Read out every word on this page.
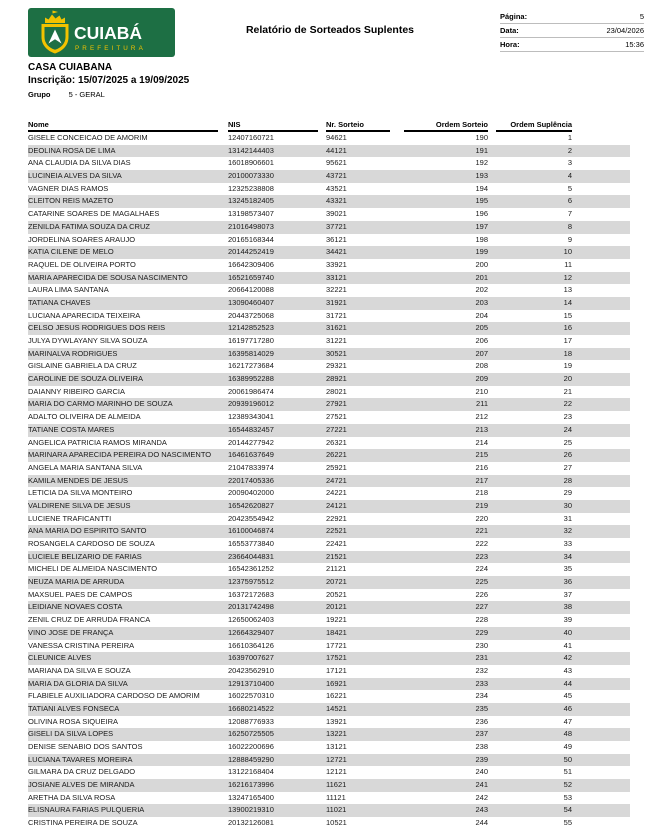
CUIABÁ
PREFEITURA
Relatório de Sorteados Suplentes
Página:	5
Data:	23/04/2026
Hora:	15:36
CASA CUIABANA
Inscrição: 15/07/2025 a 19/09/2025
Grupo 5 - GERAL
Nome	NIS	Nr. Sorteio	Ordem Sorteio	Ordem Suplência	

GISELE CONCEICAO DE AMORIM	12407160721	94621	190	1	
DEOLINA ROSA DE LIMA	13142144403	44121	191	2	
ANA CLAUDIA DA SILVA DIAS	16018906601	95621	192	3	
LUCINEIA ALVES DA SILVA	20100073330	43721	193	4	
VAGNER DIAS RAMOS	12325238808	43521	194	5	
CLEITON REIS MAZETO	13245182405	43321	195	6	
CATARINE SOARES DE MAGALHAES	13198573407	39021	196	7	
ZENILDA FATIMA SOUZA DA CRUZ	21016498073	37721	197	8	
JORDELINA SOARES ARAUJO	20165168344	36121	198	9	
KATIA CILENE DE MELO	20144252419	34421	199	10	
RAQUEL DE OLIVEIRA PORTO	16642309406	33921	200	11	
MARIA APARECIDA DE SOUSA NASCIMENTO	16521659740	33121	201	12	
LAURA LIMA SANTANA	20664120088	32221	202	13	
TATIANA CHAVES	13090460407	31921	203	14	
LUCIANA APARECIDA TEIXEIRA	20443725068	31721	204	15	
CELSO JESUS RODRIGUES DOS REIS	12142852523	31621	205	16	
JULYA DYWLAYANY SILVA SOUZA	16197717280	31221	206	17	
MARINALVA RODRIGUES	16395814029	30521	207	18	
GISLAINE GABRIELA DA CRUZ	16217273684	29321	208	19	
CAROLINE DE SOUZA OLIVEIRA	16389952288	28921	209	20	
DAIANNY RIBEIRO GARCIA	20061986474	28021	210	21	
MARIA DO CARMO MARINHO DE SOUZA	20939196012	27921	211	22	
ADALTO OLIVEIRA DE ALMEIDA	12389343041	27521	212	23	
TATIANE COSTA MARES	16544832457	27221	213	24	
ANGELICA PATRICIA RAMOS MIRANDA	20144277942	26321	214	25	
MARINARA APARECIDA PEREIRA DO NASCIMENTO	16461637649	26221	215	26	
ANGELA MARIA SANTANA SILVA	21047833974	25921	216	27	
KAMILA MENDES DE JESUS	22017405336	24721	217	28	
LETICIA DA SILVA MONTEIRO	20090402000	24221	218	29	
VALDIRENE SILVA DE JESUS	16542620827	24121	219	30	
LUCIENE TRAFICANTTI	20423554942	22921	220	31	
ANA MARIA DO ESPIRITO SANTO	16100046874	22521	221	32	
ROSANGELA CARDOSO DE SOUZA	16553773840	22421	222	33	
LUCIELE BELIZARIO DE FARIAS	23664044831	21521	223	34	
MICHELI DE ALMEIDA NASCIMENTO	16542361252	21121	224	35	
NEUZA MARIA DE ARRUDA	12375975512	20721	225	36	
MAXSUEL PAES DE CAMPOS	16372172683	20521	226	37	
LEIDIANE NOVAES COSTA	20131742498	20121	227	38	
ZENIL CRUZ DE ARRUDA FRANCA	12650062403	19221	228	39	
VINO JOSE DE FRANÇA	12664329407	18421	229	40	
VANESSA CRISTINA PEREIRA	16610364126	17721	230	41	
CLEUNICE ALVES	16397007627	17521	231	42	
MARIANA DA SILVA E SOUZA	20423562910	17121	232	43	
MARIA DA GLORIA DA SILVA	12913710400	16921	233	44	
FLABIELE AUXILIADORA CARDOSO DE AMORIM	16022570310	16221	234	45	
TATIANI ALVES FONSECA	16680214522	14521	235	46	
OLIVINA ROSA SIQUEIRA	12088776933	13921	236	47	
GISELI DA SILVA LOPES	16250725505	13221	237	48	
DENISE SENABIO DOS SANTOS	16022200696	13121	238	49	
LUCIANA TAVARES MOREIRA	12888459290	12721	239	50	
GILMARA DA CRUZ DELGADO	13122168404	12121	240	51	
JOSIANE ALVES DE MIRANDA	16216173996	11621	241	52	
ARETHA DA SILVA ROSA	13247165400	11121	242	53	
ELISNAURA FARIAS PULQUERIA	13900219310	11021	243	54	
CRISTINA PEREIRA DE SOUZA	20132126081	10521	244	55	
